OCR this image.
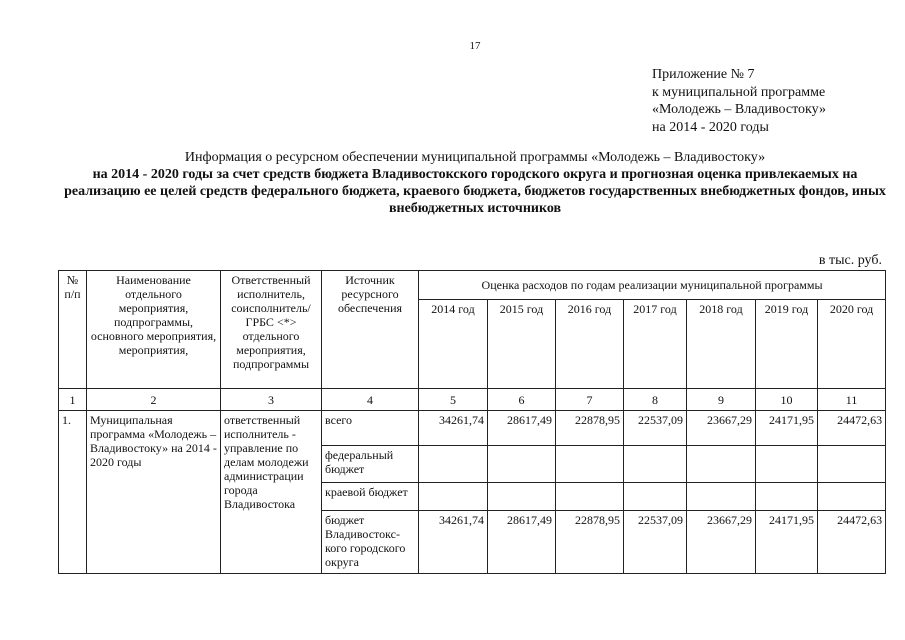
17
Приложение № 7
к муниципальной программе
«Молодежь – Владивостоку»
на 2014 - 2020 годы
Информация о ресурсном обеспечении муниципальной программы «Молодежь – Владивостоку»
на 2014 - 2020 годы за счет средств бюджета Владивостокского городского округа и прогнозная оценка привлекаемых на реализацию ее целей средств федерального бюджета, краевого бюджета, бюджетов государственных внебюджетных фондов, иных внебюджетных источников
в тыс. руб.
№ п/п	Наименование отдельного мероприятия, подпрограммы, основного мероприятия, мероприятия,	Ответственный исполнитель, соисполнитель/ ГРБС <*> отдельного мероприятия, подпрограммы	Источник ресурсного обеспечения	Оценка расходов по годам реализации муниципальной программы						
				2014 год	2015 год	2016 год	2017 год	2018 год	2019 год	2020 год
1	2	3	4	5	6	7	8	9	10	11
1.	Муниципальная программа «Молодежь – Владивостоку» на 2014 - 2020 годы	ответственный исполнитель - управление по делам молодежи администрации города Владивостока	всего	34261,74	28617,49	22878,95	22537,09	23667,29	24171,95	24472,63
			федеральный бюджет							
			краевой бюджет							
			бюджет Владивостокс-кого городского округа	34261,74	28617,49	22878,95	22537,09	23667,29	24171,95	24472,63
